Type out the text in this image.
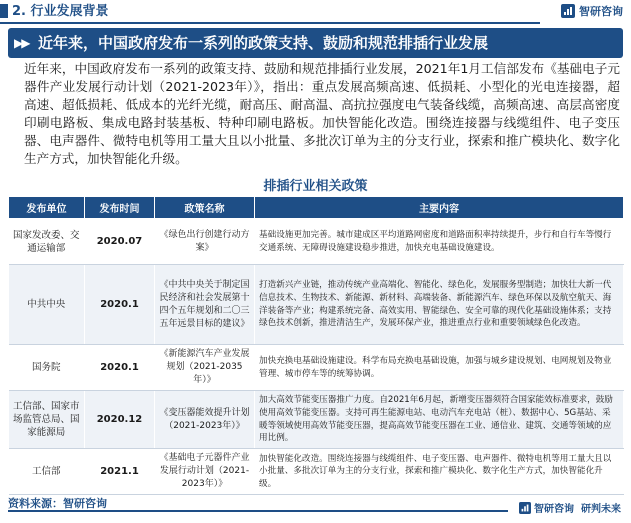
2. 行业发展背景	智研咨询
▶▶ 近年来，中国政府发布一系列的政策支持、鼓励和规范排插行业发展
近年来，中国政府发布一系列的政策支持、鼓励和规范排插行业发展，2021年1月工信部发布《基础电子元器件产业发展行动计划（2021-2023年）》，指出：重点发展高频高速、低损耗、小型化的光电连接器，超高速、超低损耗、低成本的光纤光缆，耐高压、耐高温、高抗拉强度电气装备线缆，高频高速、高层高密度印刷电路板、集成电路封装基板、特种印刷电路板。加快智能化改造。围绕连接器与线缆组件、电子变压器、电声器件、微特电机等用工量大且以小批量、多批次订单为主的分支行业，探索和推广模块化、数字化生产方式，加快智能化升级。
排插行业相关政策
发布单位	发布时间	政策名称	主要内容
国家发改委、交通运输部	2020.07	《绿色出行创建行动方案》	基础设施更加完善。城市建成区平均道路网密度和道路面积率持续提升，步行和自行车等慢行交通系统、无障碍设施建设稳步推进，加快充电基础设施建设。
中共中央	2020.1	《中共中央关于制定国民经济和社会发展第十四个五年规划和二〇三五年远景目标的建议》	打造新兴产业链，推动传统产业高端化、智能化、绿色化，发展服务型制造；加快壮大新一代信息技术、生物技术、新能源、新材料、高端装备、新能源汽车、绿色环保以及航空航天、海洋装备等产业；构建系统完备、高效实用、智能绿色、安全可靠的现代化基础设施体系；支持绿色技术创新，推进清洁生产，发展环保产业，推进重点行业和重要领域绿色化改造。
国务院	2020.1	《新能源汽车产业发展规划（2021-2035年）》	加快充换电基础设施建设。科学布局充换电基础设施，加强与城乡建设规划、电网规划及物业管理、城市停车等的统筹协调。
工信部、国家市场监管总局、国家能源局	2020.12	《变压器能效提升计划（2021-2023年）》	加大高效节能变压器推广力度。自2021年6月起，新增变压器须符合国家能效标准要求，鼓励使用高效节能变压器。支持可再生能源电站、电动汽车充电站（桩）、数据中心、5G基站、采暖等领域使用高效节能变压器，提高高效节能变压器在工业、通信业、建筑、交通等领域的应用比例。
工信部	2021.1	《基础电子元器件产业发展行动计划（2021-2023年）》	加快智能化改造。围绕连接器与线缆组件、电子变压器、电声器件、微特电机等用工量大且以小批量、多批次订单为主的分支行业，探索和推广模块化、数字化生产方式，加快智能化升级。
资料来源：智研咨询	智研咨询 研判未来
